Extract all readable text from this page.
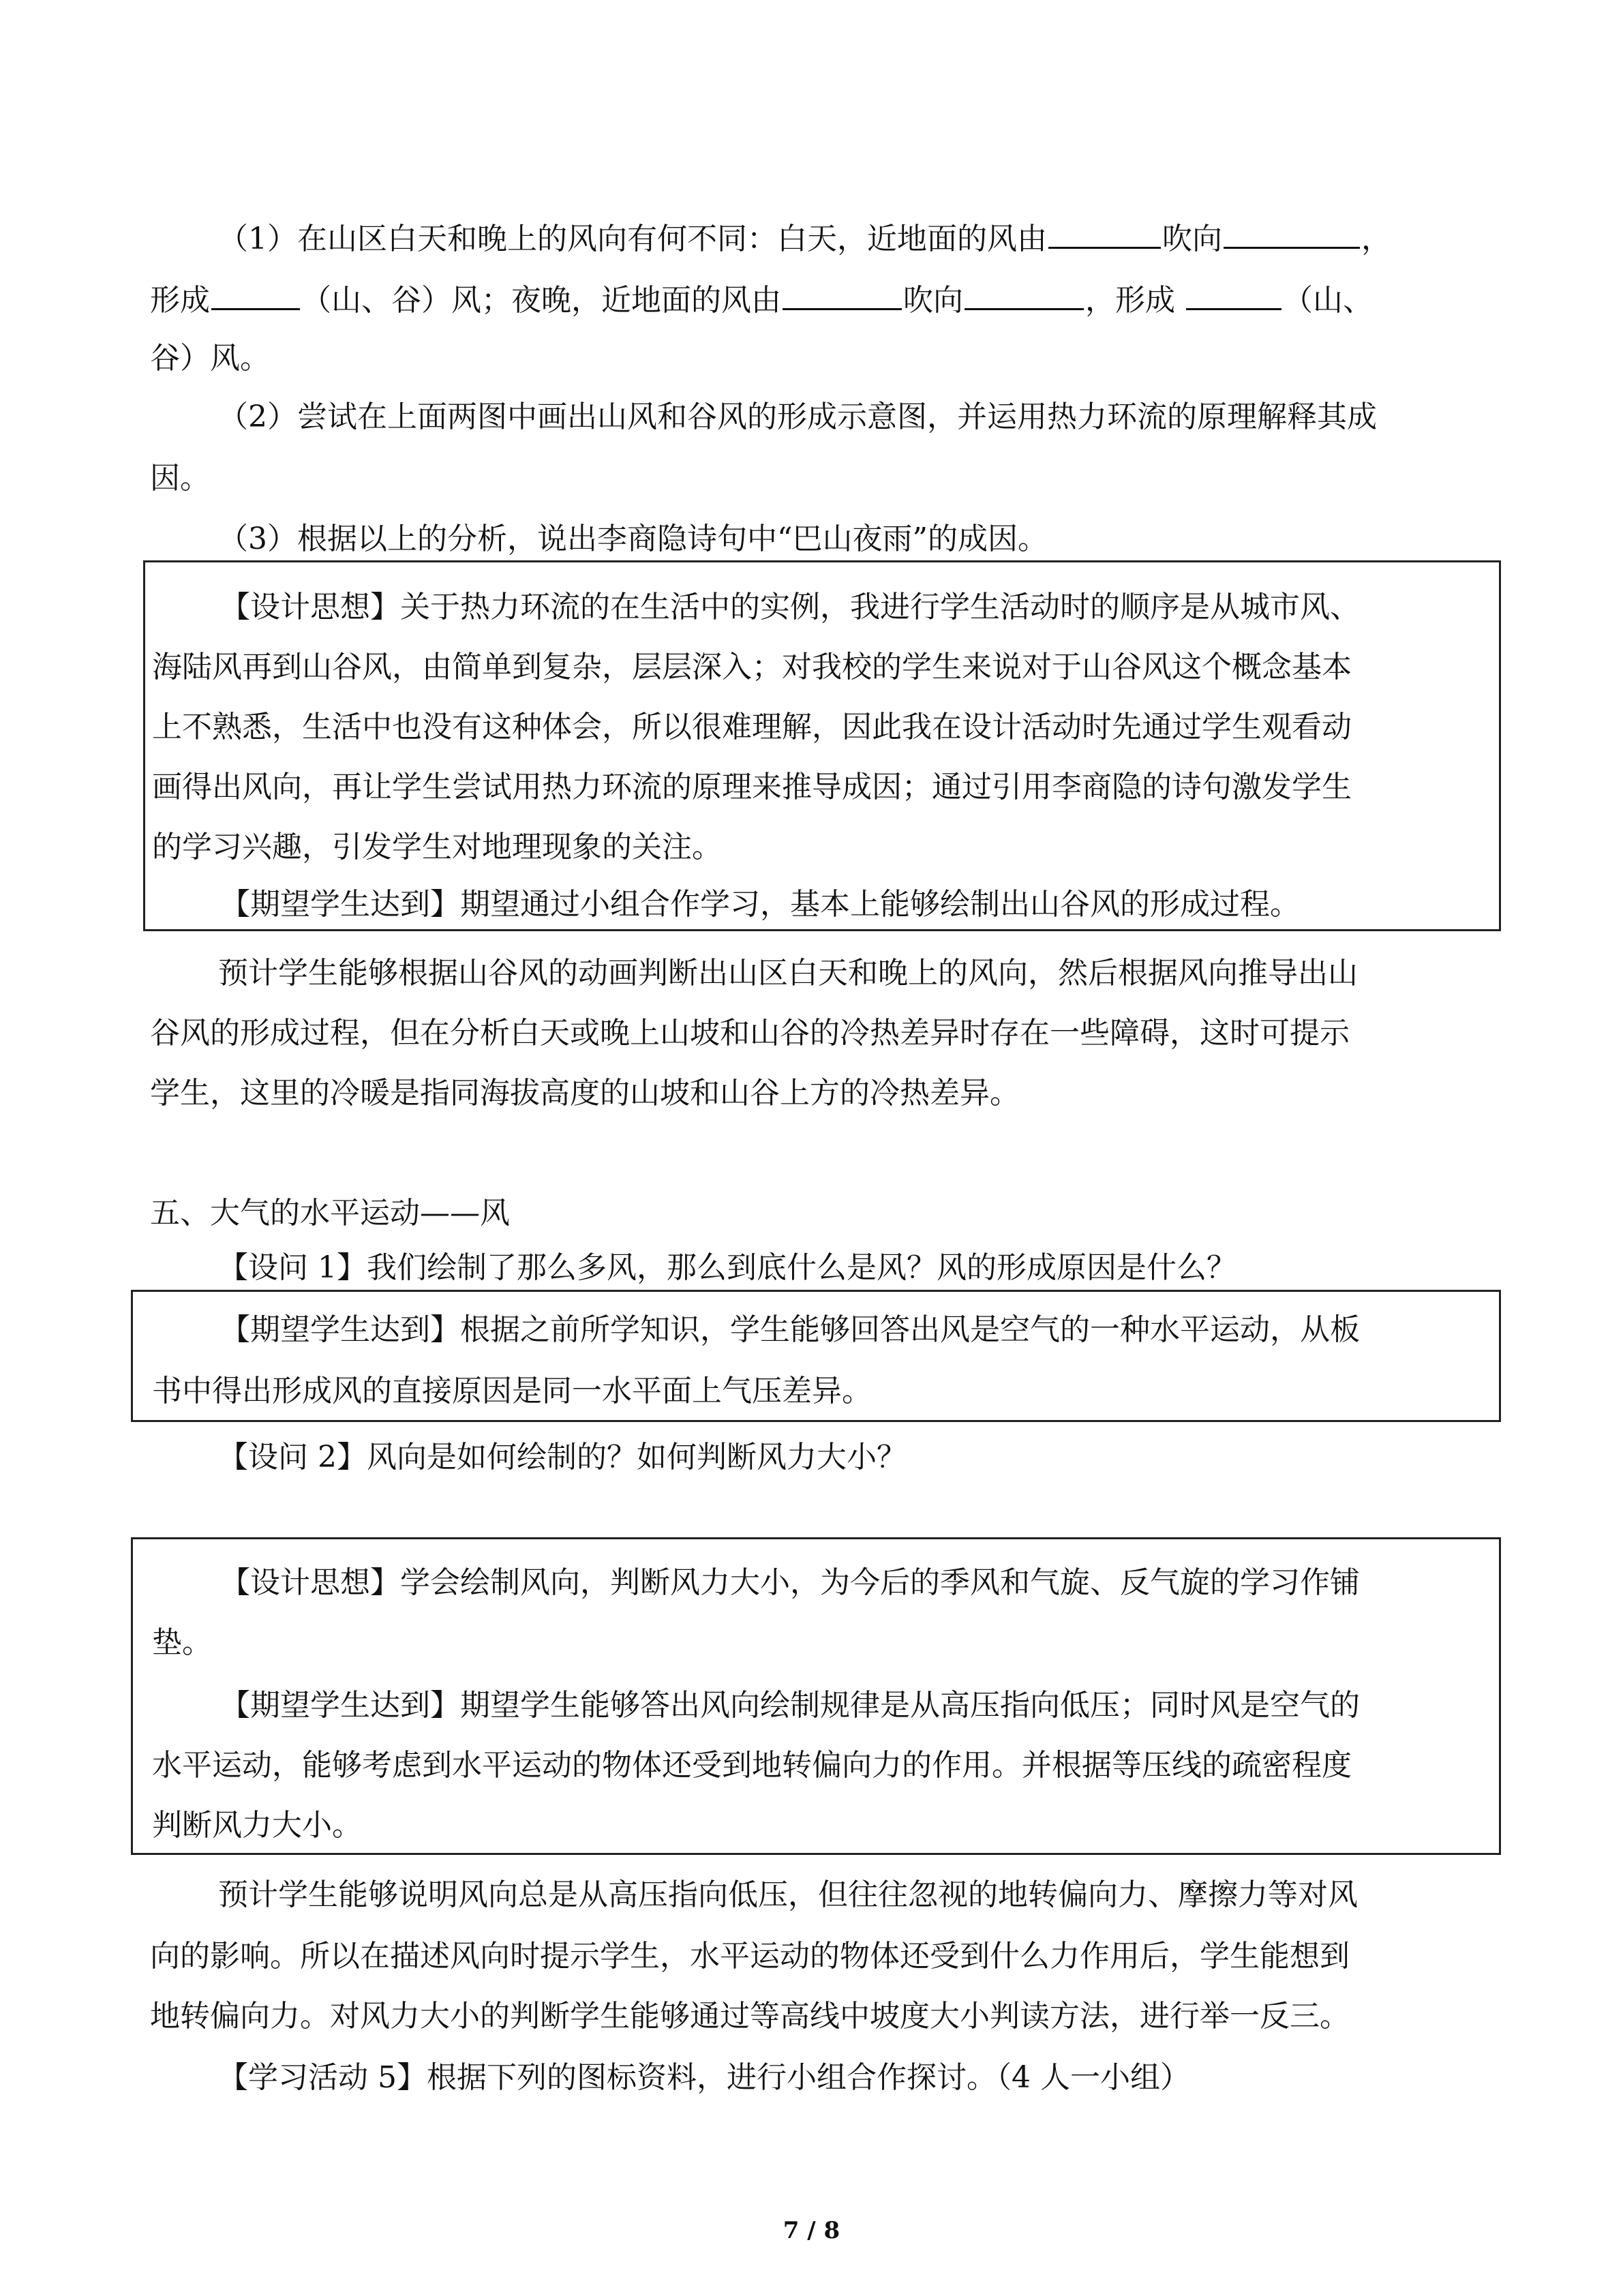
（1）在山区白天和晚上的风向有何不同：白天，近地面的风由	吹向	，
形成	（山、谷）风；夜晚，近地面的风由	吹向	，形成	（山、
谷）风。
（2）尝试在上面两图中画出山风和谷风的形成示意图，并运用热力环流的原理解释其成
因。
（3）根据以上的分析，说出李商隐诗句中“巴山夜雨”的成因。
【设计思想】关于热力环流的在生活中的实例，我进行学生活动时的顺序是从城市风、
海陆风再到山谷风，由简单到复杂，层层深入；对我校的学生来说对于山谷风这个概念基本
上不熟悉，生活中也没有这种体会，所以很难理解，因此我在设计活动时先通过学生观看动
画得出风向，再让学生尝试用热力环流的原理来推导成因；通过引用李商隐的诗句激发学生
的学习兴趣，引发学生对地理现象的关注。
【期望学生达到】期望通过小组合作学习，基本上能够绘制出山谷风的形成过程。
预计学生能够根据山谷风的动画判断出山区白天和晚上的风向，然后根据风向推导出山
谷风的形成过程，但在分析白天或晚上山坡和山谷的冷热差异时存在一些障碍，这时可提示
学生，这里的冷暖是指同海拔高度的山坡和山谷上方的冷热差异。
五、大气的水平运动——风
【设问 1】我们绘制了那么多风，那么到底什么是风？风的形成原因是什么？
【期望学生达到】根据之前所学知识，学生能够回答出风是空气的一种水平运动，从板
书中得出形成风的直接原因是同一水平面上气压差异。
【设问 2】风向是如何绘制的？如何判断风力大小？
【设计思想】学会绘制风向，判断风力大小，为今后的季风和气旋、反气旋的学习作铺
垫。
【期望学生达到】期望学生能够答出风向绘制规律是从高压指向低压；同时风是空气的
水平运动，能够考虑到水平运动的物体还受到地转偏向力的作用。并根据等压线的疏密程度
判断风力大小。
预计学生能够说明风向总是从高压指向低压，但往往忽视的地转偏向力、摩擦力等对风
向的影响。所以在描述风向时提示学生，水平运动的物体还受到什么力作用后，学生能想到
地转偏向力。对风力大小的判断学生能够通过等高线中坡度大小判读方法，进行举一反三。
【学习活动 5】根据下列的图标资料，进行小组合作探讨。（4 人一小组）
7 / 8
